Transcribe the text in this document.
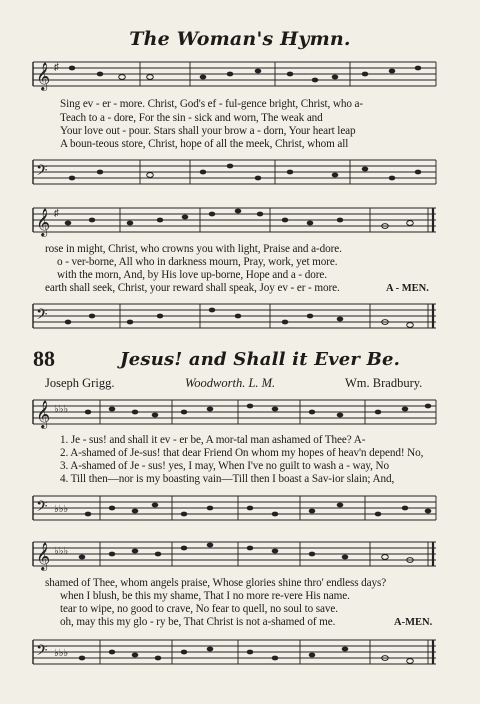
The Woman's Hymn.
𝄞 ♯
Sing ev - er - more. Christ, God's ef - ful-gence bright, Christ, who a-
Teach to a - dore, For the sin - sick and worn, The weak and
Your love out - pour. Stars shall your brow a - dorn, Your heart leap
A boun-teous store, Christ, hope of all the meek, Christ, whom all
𝄢
𝄞 ♯
rose in might, Christ, who crowns you with light, Praise and a-dore.
o - ver-borne, All who in darkness mourn, Pray, work, yet more.
with the morn, And, by His love up-borne, Hope and a - dore.
earth shall seek, Christ, your reward shall speak, Joy ev - er - more.	A - MEN.
𝄢
88	Jesus! and Shall it Ever Be.
Joseph Grigg.	Woodworth. L. M.	Wm. Bradbury.
𝄞 ♭♭♭
1. Je - sus! and shall it ev - er be, A mor-tal man ashamed of Thee? A-
2. A-shamed of Je-sus! that dear Friend On whom my hopes of heav'n depend! No,
3. A-shamed of Je - sus! yes, I may, When I've no guilt to wash a - way, No
4. Till then—nor is my boasting vain—Till then I boast a Sav-ior slain; And,
𝄢 ♭♭♭
𝄞 ♭♭♭
shamed of Thee, whom angels praise, Whose glories shine thro' endless days?
when I blush, be this my shame, That I no more re-vere His name.
tear to wipe, no good to crave, No fear to quell, no soul to save.
oh, may this my glo - ry be, That Christ is not a-shamed of me.	A-MEN.
𝄢 ♭♭♭
